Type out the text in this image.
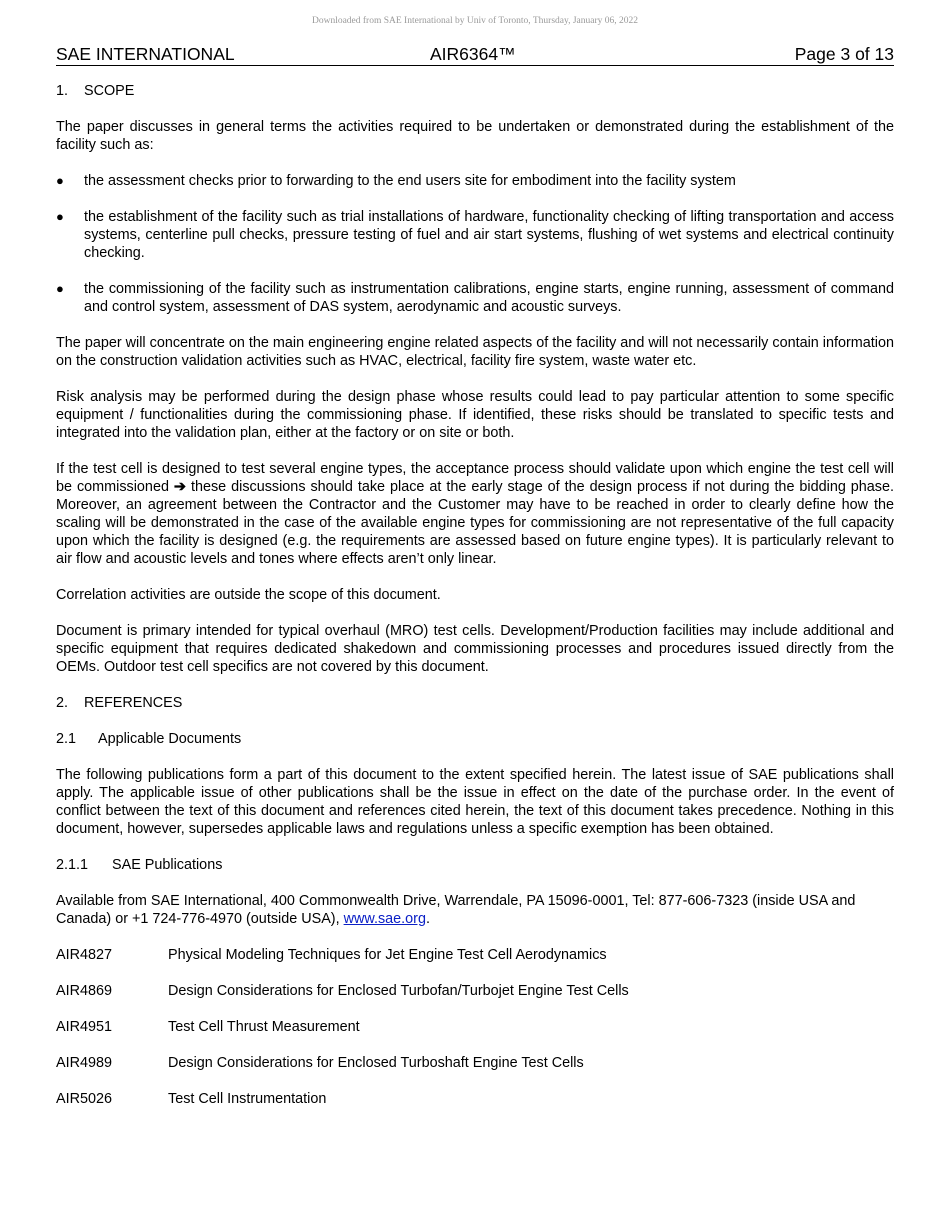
Downloaded from SAE International by Univ of Toronto, Thursday, January 06, 2022
SAE INTERNATIONAL	AIR6364™	Page 3 of 13
1. SCOPE

The paper discusses in general terms the activities required to be undertaken or demonstrated during the establishment of the facility such as:

● the assessment checks prior to forwarding to the end users site for embodiment into the facility system
● the establishment of the facility such as trial installations of hardware, functionality checking of lifting transportation and access systems, centerline pull checks, pressure testing of fuel and air start systems, flushing of wet systems and electrical continuity checking.
● the commissioning of the facility such as instrumentation calibrations, engine starts, engine running, assessment of command and control system, assessment of DAS system, aerodynamic and acoustic surveys.

The paper will concentrate on the main engineering engine related aspects of the facility and will not necessarily contain information on the construction validation activities such as HVAC, electrical, facility fire system, waste water etc.

Risk analysis may be performed during the design phase whose results could lead to pay particular attention to some specific equipment / functionalities during the commissioning phase. If identified, these risks should be translated to specific tests and integrated into the validation plan, either at the factory or on site or both.

If the test cell is designed to test several engine types, the acceptance process should validate upon which engine the test cell will be commissioned ➔ these discussions should take place at the early stage of the design process if not during the bidding phase. Moreover, an agreement between the Contractor and the Customer may have to be reached in order to clearly define how the scaling will be demonstrated in the case of the available engine types for commissioning are not representative of the full capacity upon which the facility is designed (e.g. the requirements are assessed based on future engine types). It is particularly relevant to air flow and acoustic levels and tones where effects aren’t only linear.

Correlation activities are outside the scope of this document.

Document is primary intended for typical overhaul (MRO) test cells. Development/Production facilities may include additional and specific equipment that requires dedicated shakedown and commissioning processes and procedures issued directly from the OEMs. Outdoor test cell specifics are not covered by this document.

2. REFERENCES
2.1 Applicable Documents

The following publications form a part of this document to the extent specified herein. The latest issue of SAE publications shall apply. The applicable issue of other publications shall be the issue in effect on the date of the purchase order. In the event of conflict between the text of this document and references cited herein, the text of this document takes precedence. Nothing in this document, however, supersedes applicable laws and regulations unless a specific exemption has been obtained.

2.1.1 SAE Publications

Available from SAE International, 400 Commonwealth Drive, Warrendale, PA 15096-0001, Tel: 877-606-7323 (inside USA and Canada) or +1 724-776-4970 (outside USA), www.sae.org.

AIR4827	Physical Modeling Techniques for Jet Engine Test Cell Aerodynamics
AIR4869	Design Considerations for Enclosed Turbofan/Turbojet Engine Test Cells
AIR4951	Test Cell Thrust Measurement
AIR4989	Design Considerations for Enclosed Turboshaft Engine Test Cells
AIR5026	Test Cell Instrumentation
